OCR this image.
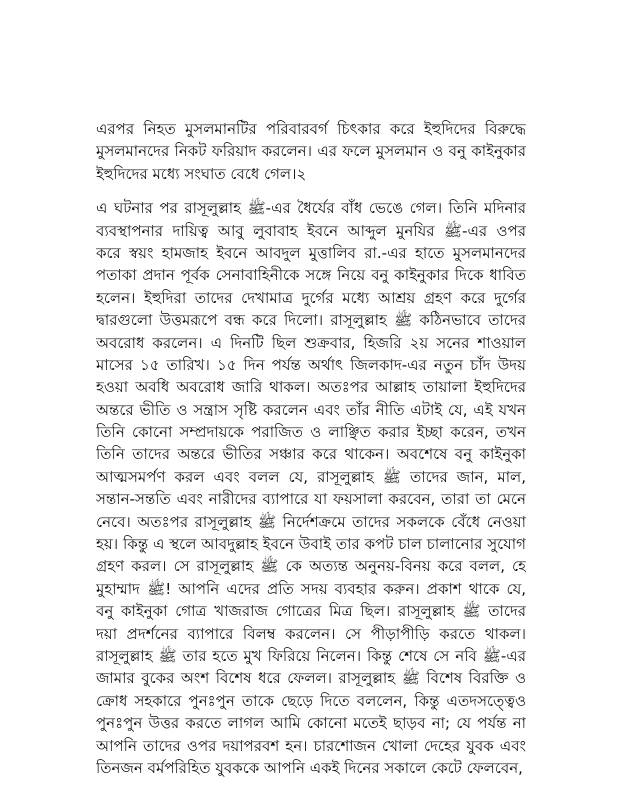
এরপর নিহত মুসলমানটির পরিবারবর্গ চিৎকার করে ইহুদিদের বিরুদ্ধে
মুসলমানদের নিকট ফরিয়াদ করলেন। এর ফলে মুসলমান ও বনু কাইনুকার
ইহুদিদের মধ্যে সংঘাত বেধে গেল।২

এ ঘটনার পর রাসূলুল্লাহ ﷺ-এর ধৈর্যের বাঁধ ভেঙে গেল। তিনি মদিনার
ব্যবস্থাপনার দায়িত্ব আবু লুবাবাহ ইবনে আব্দুল মুনযির ﷺ-এর ওপর
করে স্বয়ং হামজাহ ইবনে আবদুল মুত্তালিব রা.-এর হাতে মুসলমানদের
পতাকা প্রদান পূর্বক সেনাবাহিনীকে সঙ্গে নিয়ে বনু কাইনুকার দিকে ধাবিত
হলেন। ইহুদিরা তাদের দেখামাত্র দুর্গের মধ্যে আশ্রয় গ্রহণ করে দুর্গের
দ্বারগুলো উত্তমরূপে বন্ধ করে দিলো। রাসূলুল্লাহ ﷺ কঠিনভাবে তাদের
অবরোধ করলেন। এ দিনটি ছিল শুক্রবার, হিজরি ২য় সনের শাওয়াল
মাসের ১৫ তারিখ। ১৫ দিন পর্যন্ত অর্থাৎ জিলকাদ-এর নতুন চাঁদ উদয়
হওয়া অবধি অবরোধ জারি থাকল। অতঃপর আল্লাহ তায়ালা ইহুদিদের
অন্তরে ভীতি ও সন্ত্রাস সৃষ্টি করলেন এবং তাঁর নীতি এটাই যে, এই যখন
তিনি কোনো সম্প্রদায়কে পরাজিত ও লাঞ্ছিত করার ইচ্ছা করেন, তখন
তিনি তাদের অন্তরে ভীতির সঞ্চার করে থাকেন। অবশেষে বনু কাইনুকা
আত্মসমর্পণ করল এবং বলল যে, রাসূলুল্লাহ ﷺ তাদের জান, মাল,
সন্তান-সন্ততি এবং নারীদের ব্যাপারে যা ফয়সালা করবেন, তারা তা মেনে
নেবে। অতঃপর রাসূলুল্লাহ ﷺ নির্দেশক্রমে তাদের সকলকে বেঁধে নেওয়া
হয়। কিন্তু এ স্থলে আবদুল্লাহ ইবনে উবাই তার কপট চাল চালানোর সুযোগ
গ্রহণ করল। সে রাসূলুল্লাহ ﷺ কে অত্যন্ত অনুনয়-বিনয় করে বলল, হে
মুহাম্মাদ ﷺ! আপনি এদের প্রতি সদয় ব্যবহার করুন। প্রকাশ থাকে যে,
বনু কাইনুকা গোত্র খাজরাজ গোত্রের মিত্র ছিল। রাসূলুল্লাহ ﷺ তাদের
দয়া প্রদর্শনের ব্যাপারে বিলম্ব করলেন। সে পীড়াপীড়ি করতে থাকল।
রাসূলুল্লাহ ﷺ তার হতে মুখ ফিরিয়ে নিলেন। কিন্তু শেষে সে নবি ﷺ-এর
জামার বুকের অংশ বিশেষ ধরে ফেলল। রাসূলুল্লাহ ﷺ বিশেষ বিরক্তি ও
ক্রোধ সহকারে পুনঃপুন তাকে ছেড়ে দিতে বললেন, কিন্তু এতদসত্ত্বেও
পুনঃপুন উত্তর করতে লাগল আমি কোনো মতেই ছাড়ব না; যে পর্যন্ত না
আপনি তাদের ওপর দয়াপরবশ হন। চারশোজন খোলা দেহের যুবক এবং
তিনজন বর্মপরিহিত যুবককে আপনি একই দিনের সকালে কেটে ফেলবেন,
